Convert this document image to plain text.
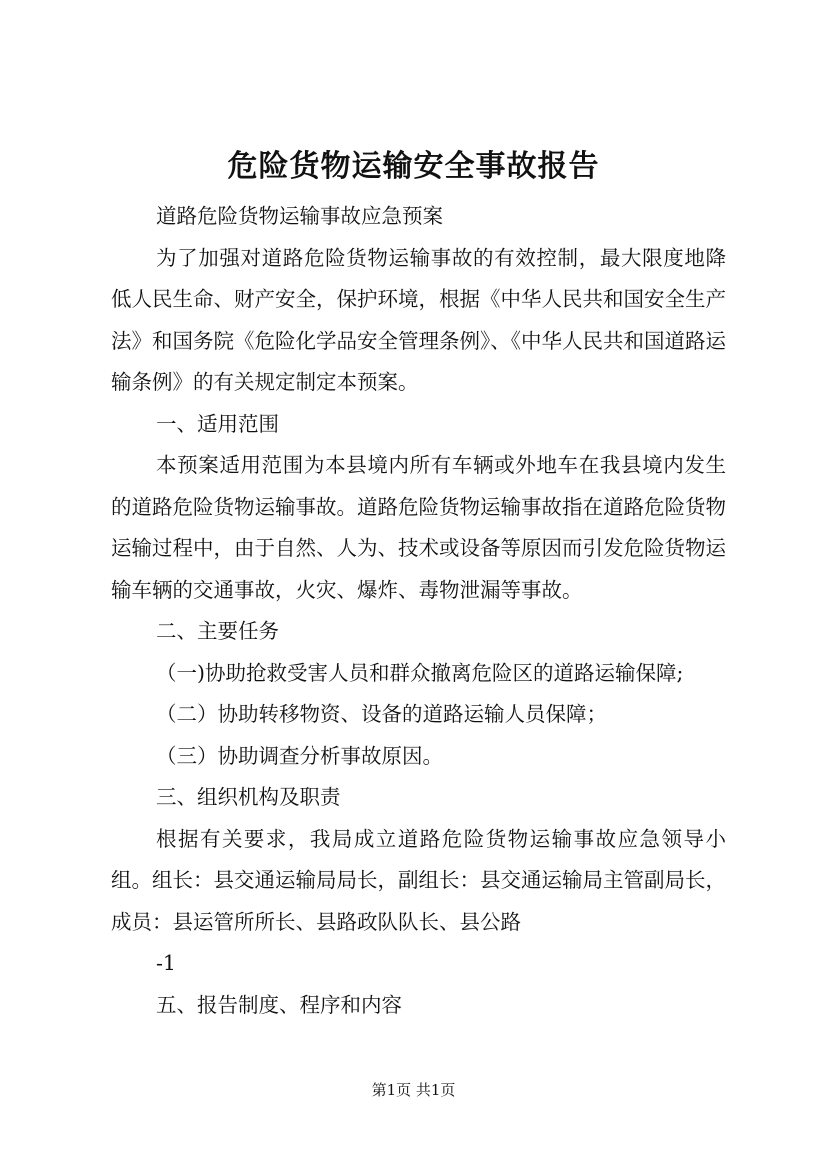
危险货物运输安全事故报告

道路危险货物运输事故应急预案

为了加强对道路危险货物运输事故的有效控制，最大限度地降低人民生命、财产安全，保护环境，根据《中华人民共和国安全生产法》和国务院《危险化学品安全管理条例》、《中华人民共和国道路运输条例》的有关规定制定本预案。

一、适用范围

本预案适用范围为本县境内所有车辆或外地车在我县境内发生的道路危险货物运输事故。道路危险货物运输事故指在道路危险货物运输过程中，由于自然、人为、技术或设备等原因而引发危险货物运输车辆的交通事故，火灾、爆炸、毒物泄漏等事故。

二、主要任务

（一)协助抢救受害人员和群众撤离危险区的道路运输保障;

（二）协助转移物资、设备的道路运输人员保障；

（三）协助调查分析事故原因。

三、组织机构及职责

根据有关要求，我局成立道路危险货物运输事故应急领导小组。组长：县交通运输局局长，副组长：县交通运输局主管副局长，成员：县运管所所长、县路政队队长、县公路

-1

五、报告制度、程序和内容

第1页 共1页
